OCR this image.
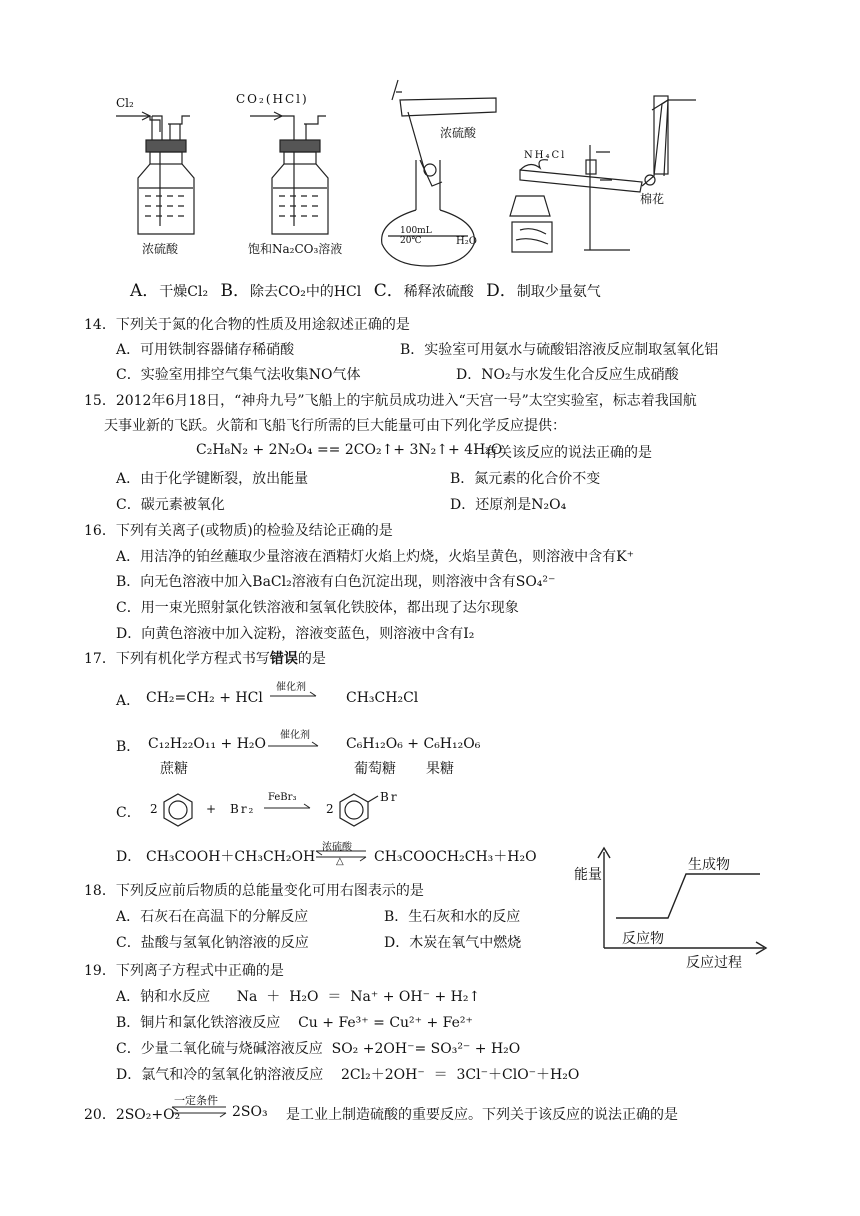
Cl₂
浓硫酸
CO₂(HCl)
饱和Na₂CO₃溶液
浓硫酸
100mL
20℃	H₂O
NH₄Cl
棉花
A．干燥Cl₂ B．除去CO₂中的HCl C．稀释浓硫酸 D．制取少量氨气
14．下列关于氮的化合物的性质及用途叙述正确的是
A．可用铁制容器储存稀硝酸	B．实验室可用氨水与硫酸铝溶液反应制取氢氧化铝
C．实验室用排空气集气法收集NO气体	D．NO₂与水发生化合反应生成硝酸
15．2012年6月18日，“神舟九号”飞船上的宇航员成功进入“天宫一号”太空实验室，标志着我国航
天事业新的飞跃。火箭和飞船飞行所需的巨大能量可由下列化学反应提供：
C₂H₈N₂ + 2N₂O₄ == 2CO₂↑+ 3N₂↑+ 4H₂O
有关该反应的说法正确的是
A．由于化学键断裂，放出能量	B．氮元素的化合价不变
C．碳元素被氧化	D．还原剂是N₂O₄
16．下列有关离子(或物质)的检验及结论正确的是
A．用洁净的铂丝蘸取少量溶液在酒精灯火焰上灼烧，火焰呈黄色，则溶液中含有K⁺
B．向无色溶液中加入BaCl₂溶液有白色沉淀出现，则溶液中含有SO₄²⁻
C．用一束光照射氯化铁溶液和氢氧化铁胶体，都出现了达尔现象
D．向黄色溶液中加入淀粉，溶液变蓝色，则溶液中含有I₂
17．下列有机化学方程式书写错误的是
A． CH₂=CH₂ + HCl
催化剂
CH₃CH₂Cl
B． C₁₂H₂₂O₁₁ + H₂O
催化剂
C₆H₁₂O₆ + C₆H₁₂O₆
蔗糖	葡萄糖 果糖
C． 2	+ Br₂
FeBr₃
2
Br
D． CH₃COOH＋CH₃CH₂OH
浓硫酸
△ CH₃COOCH₂CH₃＋H₂O
18．下列反应前后物质的总能量变化可用右图表示的是
A．石灰石在高温下的分解反应	B．生石灰和水的反应
C．盐酸与氢氧化钠溶液的反应	D．木炭在氧气中燃烧
能量
生成物
反应物
反应过程
19．下列离子方程式中正确的是
A．钠和水反应      Na  ＋  H₂O  ＝  Na⁺ + OH⁻ + H₂↑
B．铜片和氯化铁溶液反应    Cu + Fe³⁺ = Cu²⁺ + Fe²⁺
C．少量二氧化硫与烧碱溶液反应  SO₂ +2OH⁻= SO₃²⁻ + H₂O
D．氯气和冷的氢氧化钠溶液反应    2Cl₂＋2OH⁻  ＝  3Cl⁻＋ClO⁻＋H₂O
20．2SO₂+O₂
一定条件
2SO₃ 是工业上制造硫酸的重要反应。下列关于该反应的说法正确的是
